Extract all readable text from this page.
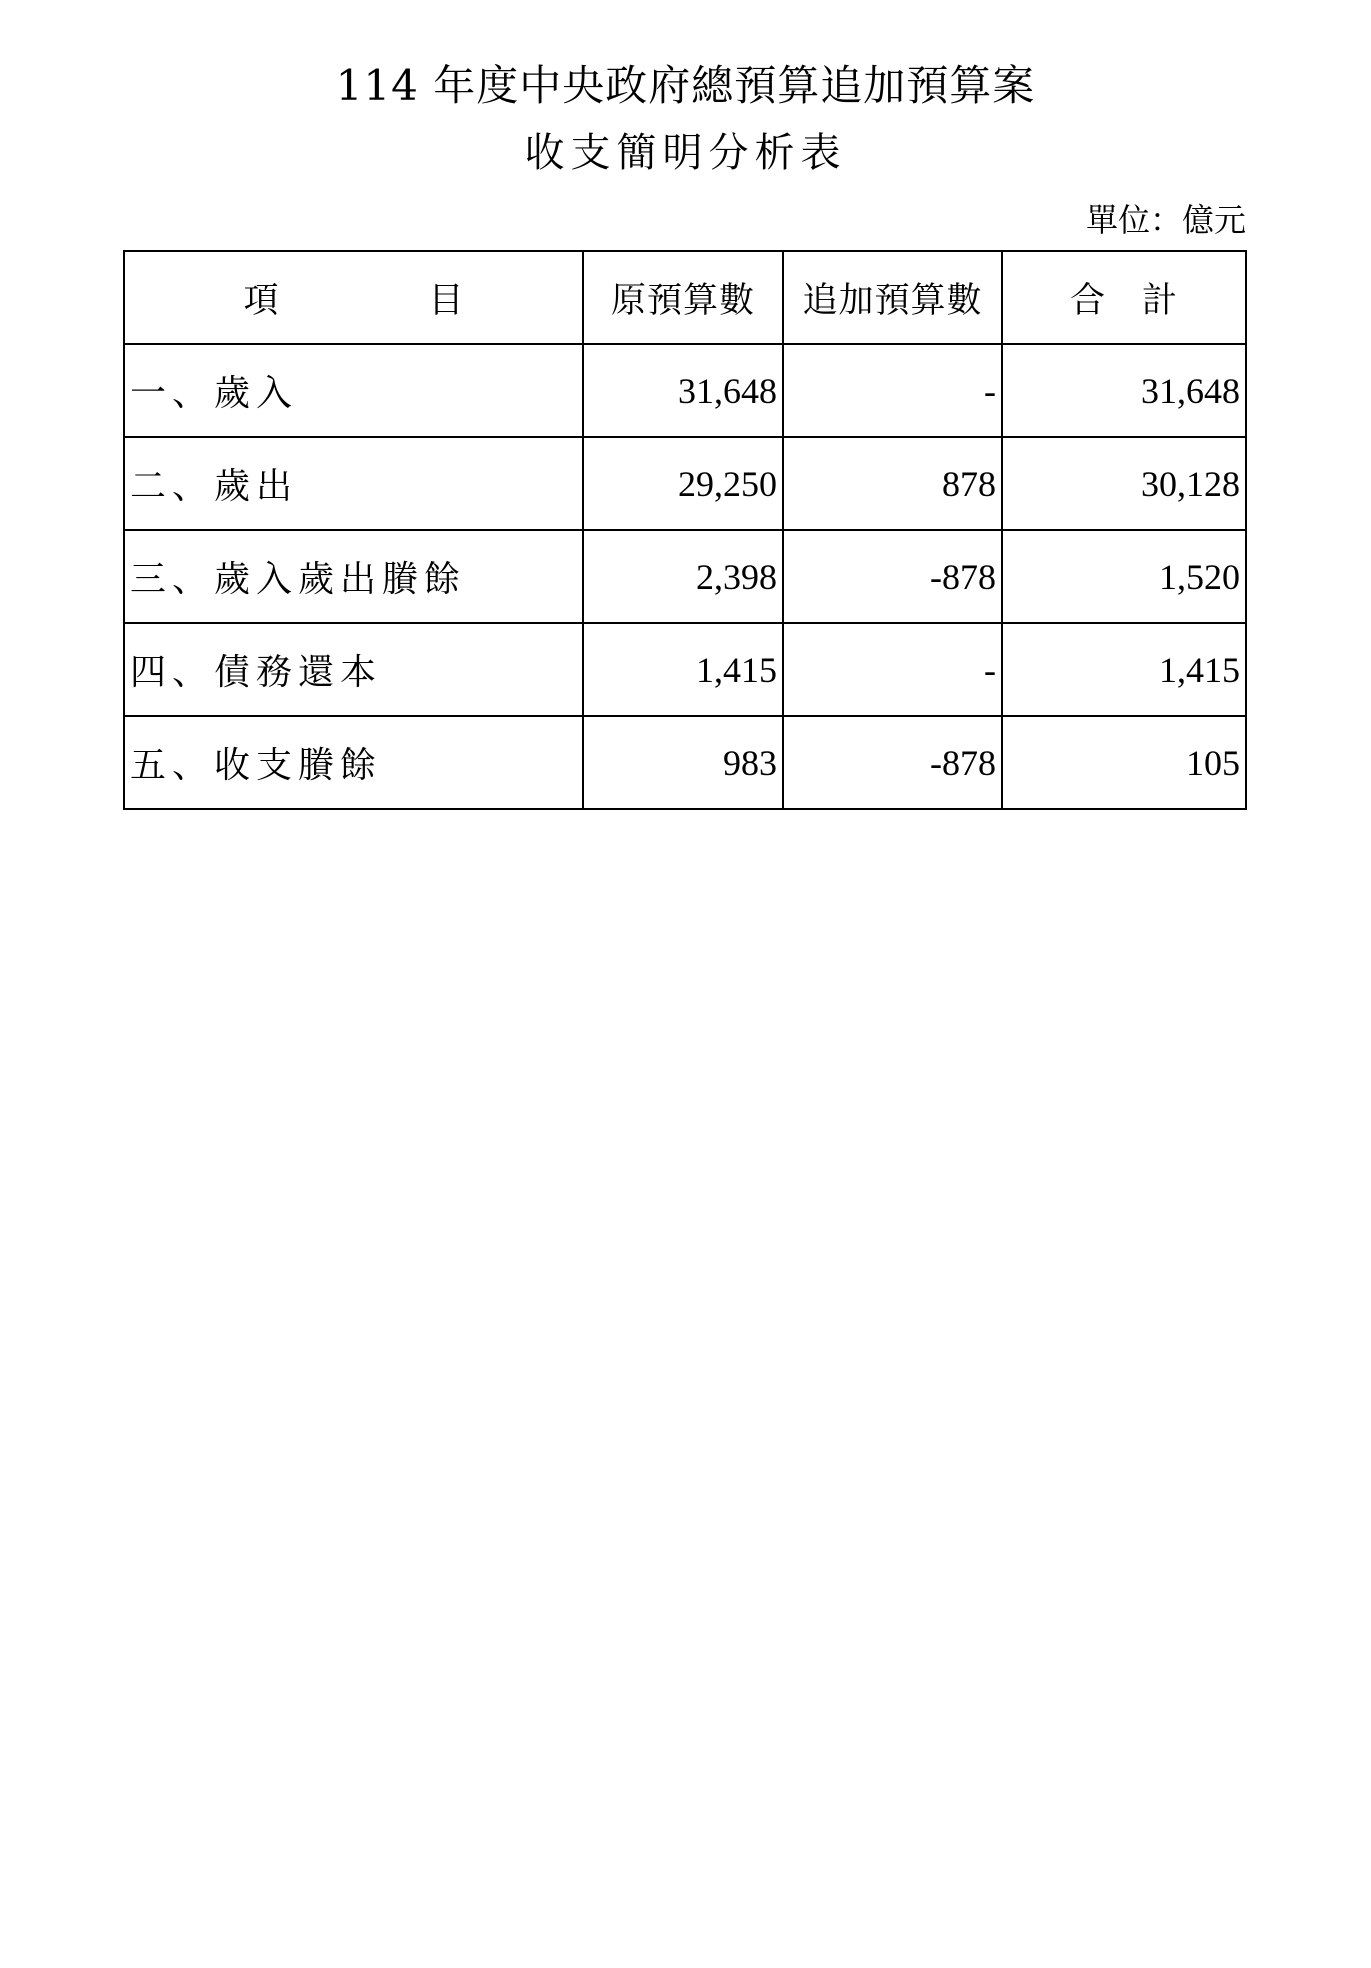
114 年度中央政府總預算追加預算案
收支簡明分析表
單位：億元
項 目	原預算數	追加預算數	合 計
一、歲入	31,648	-	31,648
二、歲出	29,250	878	30,128
三、歲入歲出賸餘	2,398	-878	1,520
四、債務還本	1,415	-	1,415
五、收支賸餘	983	-878	105
